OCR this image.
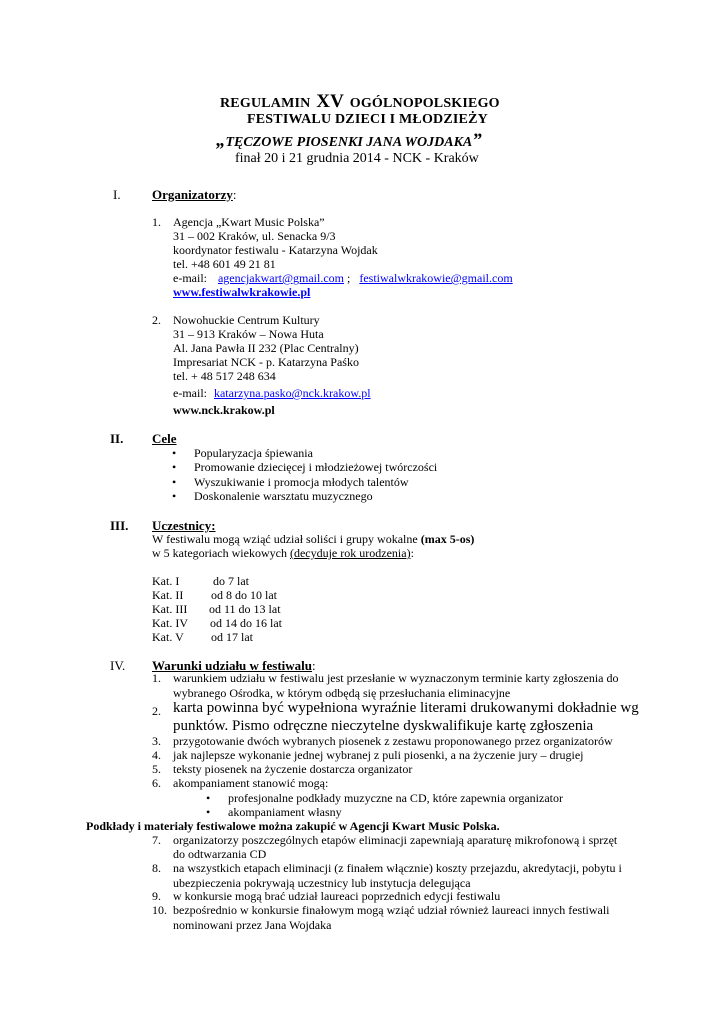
REGULAMIN XV OGÓLNOPOLSKIEGO
FESTIWALU DZIECI I MŁODZIEŻY
„TĘCZOWE PIOSENKI JANA WOJDAKA”
finał 20 i 21 grudnia 2014 - NCK - Kraków
I. Organizatorzy:
1. Agencja „Kwart Music Polska”
31 – 002 Kraków, ul. Senacka 9/3
koordynator festiwalu - Katarzyna Wojdak
tel. +48 601 49 21 81
e-mail: agencjakwart@gmail.com ; festiwalwkrakowie@gmail.com
www.festiwalwkrakowie.pl
2. Nowohuckie Centrum Kultury
31 – 913 Kraków – Nowa Huta
Al. Jana Pawła II 232 (Plac Centralny)
Impresariat NCK - p. Katarzyna Paśko
tel. + 48 517 248 634
e-mail: katarzyna.pasko@nck.krakow.pl
www.nck.krakow.pl
II. Cele
• Popularyzacja śpiewania
• Promowanie dziecięcej i młodzieżowej twórczości
• Wyszukiwanie i promocja młodych talentów
• Doskonalenie warsztatu muzycznego
III. Uczestnicy:
W festiwalu mogą wziąć udział soliści i grupy wokalne (max 5-os)
w 5 kategoriach wiekowych (decyduje rok urodzenia):
Kat. I	do 7 lat
Kat. II od 8 do 10 lat
Kat. III od 11 do 13 lat
Kat. IV od 14 do 16 lat
Kat. V od 17 lat
IV. Warunki udziału w festiwalu:
1. warunkiem udziału w festiwalu jest przesłanie w wyznaczonym terminie karty zgłoszenia do
wybranego Ośrodka, w którym odbędą się przesłuchania eliminacyjne
2. karta powinna być wypełniona wyraźnie literami drukowanymi dokładnie wg
punktów. Pismo odręczne nieczytelne dyskwalifikuje kartę zgłoszenia
3. przygotowanie dwóch wybranych piosenek z zestawu proponowanego przez organizatorów
4. jak najlepsze wykonanie jednej wybranej z puli piosenki, a na życzenie jury – drugiej
5. teksty piosenek na życzenie dostarcza organizator
6. akompaniament stanowić mogą:
• profesjonalne podkłady muzyczne na CD, które zapewnia organizator
• akompaniament własny
Podkłady i materiały festiwalowe można zakupić w Agencji Kwart Music Polska.
7. organizatorzy poszczególnych etapów eliminacji zapewniają aparaturę mikrofonową i sprzęt
do odtwarzania CD
8. na wszystkich etapach eliminacji (z finałem włącznie) koszty przejazdu, akredytacji, pobytu i
ubezpieczenia pokrywają uczestnicy lub instytucja delegująca
9. w konkursie mogą brać udział laureaci poprzednich edycji festiwalu
10. bezpośrednio w konkursie finałowym mogą wziąć udział również laureaci innych festiwali
nominowani przez Jana Wojdaka
